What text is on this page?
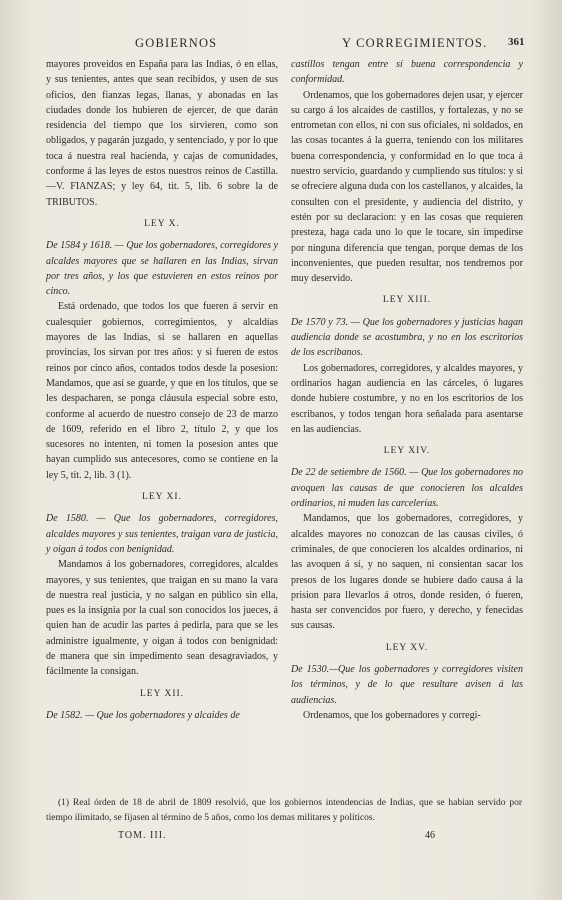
GOBIERNOS	Y CORREGIMIENTOS. 361

mayores proveidos en España para las Indias, ó en ellas, y sus tenientes, antes que sean recibidos, y usen de sus oficios, den fianzas legas, llanas, y abonadas en las ciudades donde los hubieren de ejercer, de que darán residencia del tiempo que los sirvieren, como son obligados, y pagarán juzgado, y sentenciado, y por lo que toca á nuestra real hacienda, y cajas de comunidades, conforme á las leyes de estos nuestros reinos de Castilla.—V. FIANZAS; y ley 64, tit. 5, lib. 6 sobre la de TRIBUTOS.

LEY X.

De 1584 y 1618. — Que los gobernadores, corregidores y alcaldes mayores que se hallaren en las Indias, sirvan por tres años, y los que estuvieren en estos reinos por cinco.

Está ordenado, que todos los que fueren á servir en cualesquier gobiernos, corregimientos, y alcaldías mayores de las Indias, si se hallaren en aquellas provincias, los sirvan por tres años: y si fueren de estos reinos por cinco años, contados todos desde la posesion: Mandamos, que así se guarde, y que en los títulos, que se les despacharen, se ponga cláusula especial sobre esto, conforme al acuerdo de nuestro consejo de 23 de marzo de 1609, referido en el libro 2, título 2, y que los sucesores no intenten, ni tomen la posesion antes que hayan cumplido sus antecesores, como se contiene en la ley 5, tit. 2, lib. 3 (1).

LEY XI.

De 1580. — Que los gobernadores, corregidores, alcaldes mayores y sus tenientes, traigan vara de justicia, y oigan á todos con benignidad.

Mandamos á los gobernadores, corregidores, alcaldes mayores, y sus tenientes, que traigan en su mano la vara de nuestra real justicia, y no salgan en público sin ella, pues es la insignia por la cual son conocidos los jueces, á quien han de acudir las partes á pedirla, para que se les administre igualmente, y oigan á todos con benignidad: de manera que sin impedimento sean desagraviados, y fácilmente la consigan.

LEY XII.

De 1582. — Que los gobernadores y alcaides de

castillos tengan entre sí buena correspondencia y conformidad.

Ordenamos, que los gobernadores dejen usar, y ejercer su cargo á los alcaides de castillos, y fortalezas, y no se entrometan con ellos, ni con sus oficiales, ni soldados, en las cosas tocantes á la guerra, teniendo con los militares buena correspondencia, y conformidad en lo que toca á nuestro servicio, guardando y cumpliendo sus títulos: y si se ofreciere alguna duda con los castellanos, y alcaides, la consulten con el presidente, y audiencia del distrito, y estén por su declaracion: y en las cosas que requieren presteza, haga cada uno lo que le tocare, sin impedirse por ninguna diferencia que tengan, porque demas de los inconvenientes, que pueden resultar, nos tendremos por muy deservido.

LEY XIII.

De 1570 y 73. — Que los gobernadores y justicias hagan audiencia donde se acostumbra, y no en los escritorios de los escribanos.

Los gobernadores, corregidores, y alcaldes mayores, y ordinarios hagan audiencia en las cárceles, ó lugares donde hubiere costumbre, y no en los escritorios de los escribanos, y todos tengan hora señalada para asentarse en las audiencias.

LEY XIV.

De 22 de setiembre de 1560. — Que los gobernadores no avoquen las causas de que conocieren los alcaldes ordinarios, ni muden las carcelerías.

Mandamos, que los gobernadores, corregidores, y alcaldes mayores no conozcan de las causas civiles, ó criminales, de que conocieren los alcaldes ordinarios, ni las avoquen á sí, y no saquen, ni consientan sacar los presos de los lugares donde se hubiere dado causa á la prision para llevarlos á otros, donde residen, ó fueren, hasta ser convencidos por fuero, y derecho, y fenecidas sus causas.

LEY XV.

De 1530.—Que los gobernadores y corregidores visiten los términos, y de lo que resultare avisen á las audiencias.

Ordenamos, que los gobernadores y corregi-

(1) Real órden de 18 de abril de 1809 resolvió, que los gobiernos intendencias de Indias, que se habian servido por tiempo ilimitado, se fijasen al término de 5 años, como los demas militares y políticos.
TOM. III.	46
